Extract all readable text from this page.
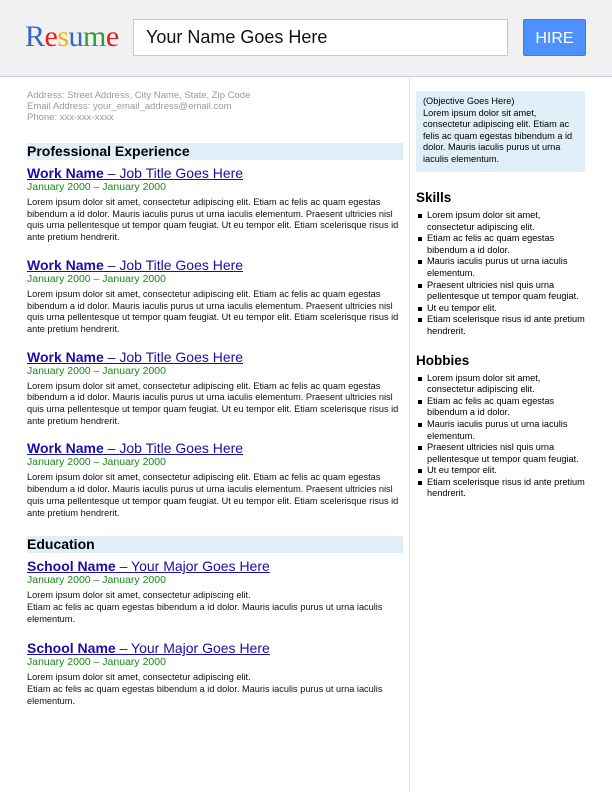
Resume	Your Name Goes Here	HIRE
Address: Street Address, City Name, State, Zip Code
Email Address: your_email_address@email.com
Phone: xxx-xxx-xxxx
Professional Experience
Work Name – Job Title Goes Here
January 2000 – January 2000
Lorem ipsum dolor sit amet, consectetur adipiscing elit. Etiam ac felis ac quam egestas bibendum a id dolor. Mauris iaculis purus ut urna iaculis elementum. Praesent ultricies nisl quis urna pellentesque ut tempor quam feugiat. Ut eu tempor elit. Etiam scelerisque risus id ante pretium hendrerit.
Work Name – Job Title Goes Here
January 2000 – January 2000
Lorem ipsum dolor sit amet, consectetur adipiscing elit. Etiam ac felis ac quam egestas bibendum a id dolor. Mauris iaculis purus ut urna iaculis elementum. Praesent ultricies nisl quis urna pellentesque ut tempor quam feugiat. Ut eu tempor elit. Etiam scelerisque risus id ante pretium hendrerit.
Work Name – Job Title Goes Here
January 2000 – January 2000
Lorem ipsum dolor sit amet, consectetur adipiscing elit. Etiam ac felis ac quam egestas bibendum a id dolor. Mauris iaculis purus ut urna iaculis elementum. Praesent ultricies nisl quis urna pellentesque ut tempor quam feugiat. Ut eu tempor elit. Etiam scelerisque risus id ante pretium hendrerit.
Work Name – Job Title Goes Here
January 2000 – January 2000
Lorem ipsum dolor sit amet, consectetur adipiscing elit. Etiam ac felis ac quam egestas bibendum a id dolor. Mauris iaculis purus ut urna iaculis elementum. Praesent ultricies nisl quis urna pellentesque ut tempor quam feugiat. Ut eu tempor elit. Etiam scelerisque risus id ante pretium hendrerit.
Education
School Name – Your Major Goes Here
January 2000 – January 2000
Lorem ipsum dolor sit amet, consectetur adipiscing elit.
Etiam ac felis ac quam egestas bibendum a id dolor. Mauris iaculis purus ut urna iaculis elementum.
School Name – Your Major Goes Here
January 2000 – January 2000
Lorem ipsum dolor sit amet, consectetur adipiscing elit.
Etiam ac felis ac quam egestas bibendum a id dolor. Mauris iaculis purus ut urna iaculis elementum.
(Objective Goes Here)
Lorem ipsum dolor sit amet, consectetur adipiscing elit. Etiam ac felis ac quam egestas bibendum a id dolor. Mauris iaculis purus ut urna iaculis elementum.
Skills
Lorem ipsum dolor sit amet, consectetur adipiscing elit.
Etiam ac felis ac quam egestas bibendum a id dolor.
Mauris iaculis purus ut urna iaculis elementum.
Praesent ultricies nisl quis urna pellentesque ut tempor quam feugiat.
Ut eu tempor elit.
Etiam scelerisque risus id ante pretium hendrerit.
Hobbies
Lorem ipsum dolor sit amet, consectetur adipiscing elit.
Etiam ac felis ac quam egestas bibendum a id dolor.
Mauris iaculis purus ut urna iaculis elementum.
Praesent ultricies nisl quis urna pellentesque ut tempor quam feugiat.
Ut eu tempor elit.
Etiam scelerisque risus id ante pretium hendrerit.
